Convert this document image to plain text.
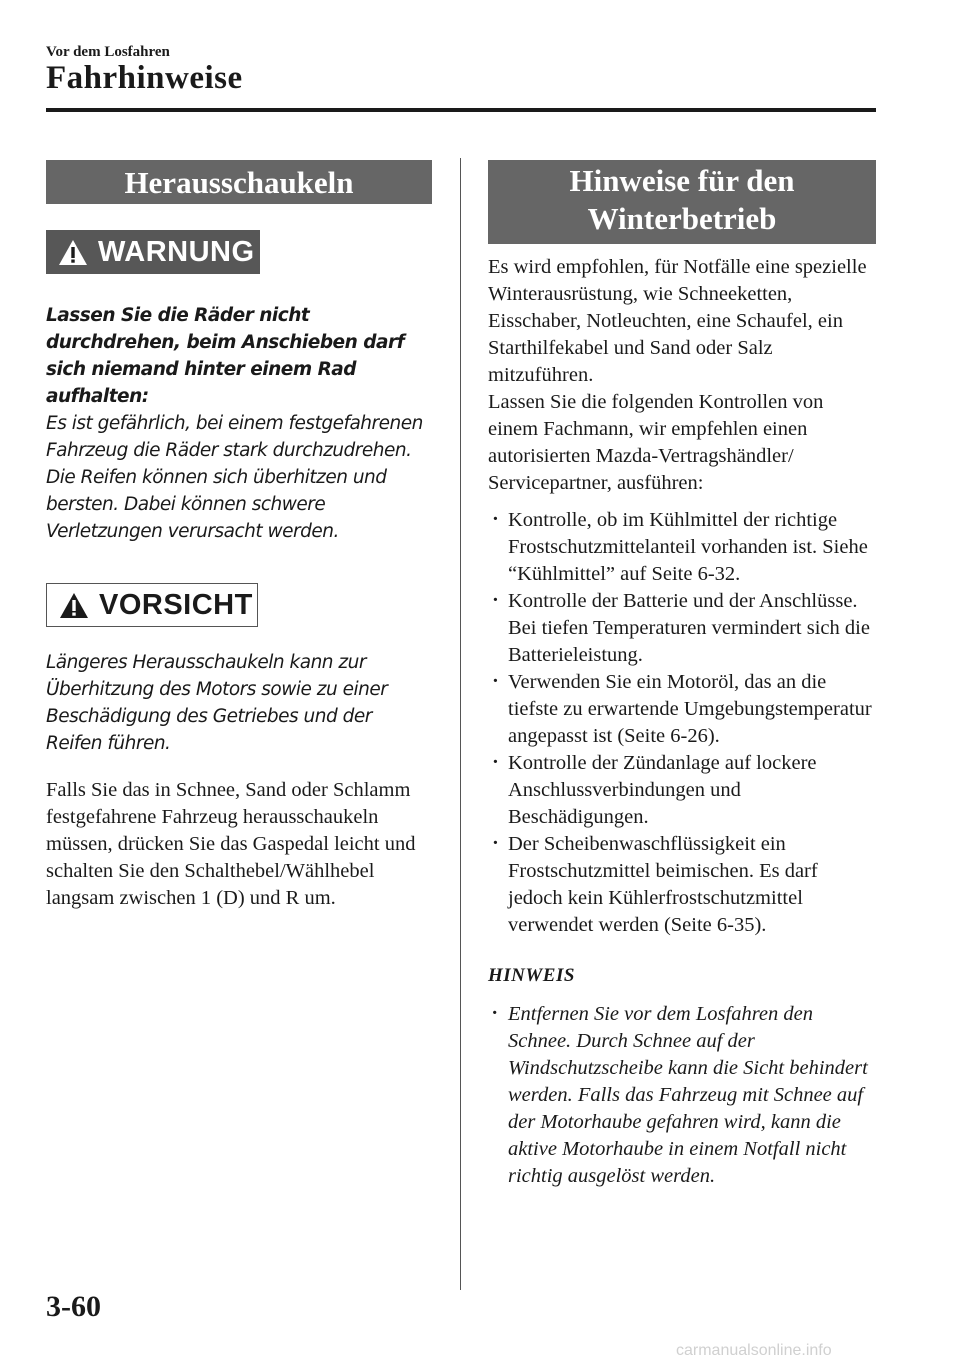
Vor dem Losfahren
Fahrhinweise
Herausschaukeln
WARNUNG
Lassen Sie die Räder nicht durchdrehen, beim Anschieben darf sich niemand hinter einem Rad aufhalten:
Es ist gefährlich, bei einem festgefahrenen Fahrzeug die Räder stark durchzudrehen. Die Reifen können sich überhitzen und bersten. Dabei können schwere Verletzungen verursacht werden.
VORSICHT
Längeres Herausschaukeln kann zur Überhitzung des Motors sowie zu einer Beschädigung des Getriebes und der Reifen führen.
Falls Sie das in Schnee, Sand oder Schlamm festgefahrene Fahrzeug herausschaukeln müssen, drücken Sie das Gaspedal leicht und schalten Sie den Schalthebel/Wählhebel langsam zwischen 1 (D) und R um.
Hinweise für den Winterbetrieb
Es wird empfohlen, für Notfälle eine spezielle Winterausrüstung, wie Schneeketten, Eisschaber, Notleuchten, eine Schaufel, ein Starthilfekabel und Sand oder Salz mitzuführen.
Lassen Sie die folgenden Kontrollen von einem Fachmann, wir empfehlen einen autorisierten Mazda-Vertragshändler/ Servicepartner, ausführen:
· Kontrolle, ob im Kühlmittel der richtige Frostschutzmittelanteil vorhanden ist. Siehe “Kühlmittel” auf Seite 6-32.
· Kontrolle der Batterie und der Anschlüsse. Bei tiefen Temperaturen vermindert sich die Batterieleistung.
· Verwenden Sie ein Motoröl, das an die tiefste zu erwartende Umgebungstemperatur angepasst ist (Seite 6-26).
· Kontrolle der Zündanlage auf lockere Anschlussverbindungen und Beschädigungen.
· Der Scheibenwaschflüssigkeit ein Frostschutzmittel beimischen. Es darf jedoch kein Kühlerfrostschutzmittel verwendet werden (Seite 6-35).
HINWEIS
· Entfernen Sie vor dem Losfahren den Schnee. Durch Schnee auf der Windschutzscheibe kann die Sicht behindert werden. Falls das Fahrzeug mit Schnee auf der Motorhaube gefahren wird, kann die aktive Motorhaube in einem Notfall nicht richtig ausgelöst werden.
3-60
carmanualsonline.info
